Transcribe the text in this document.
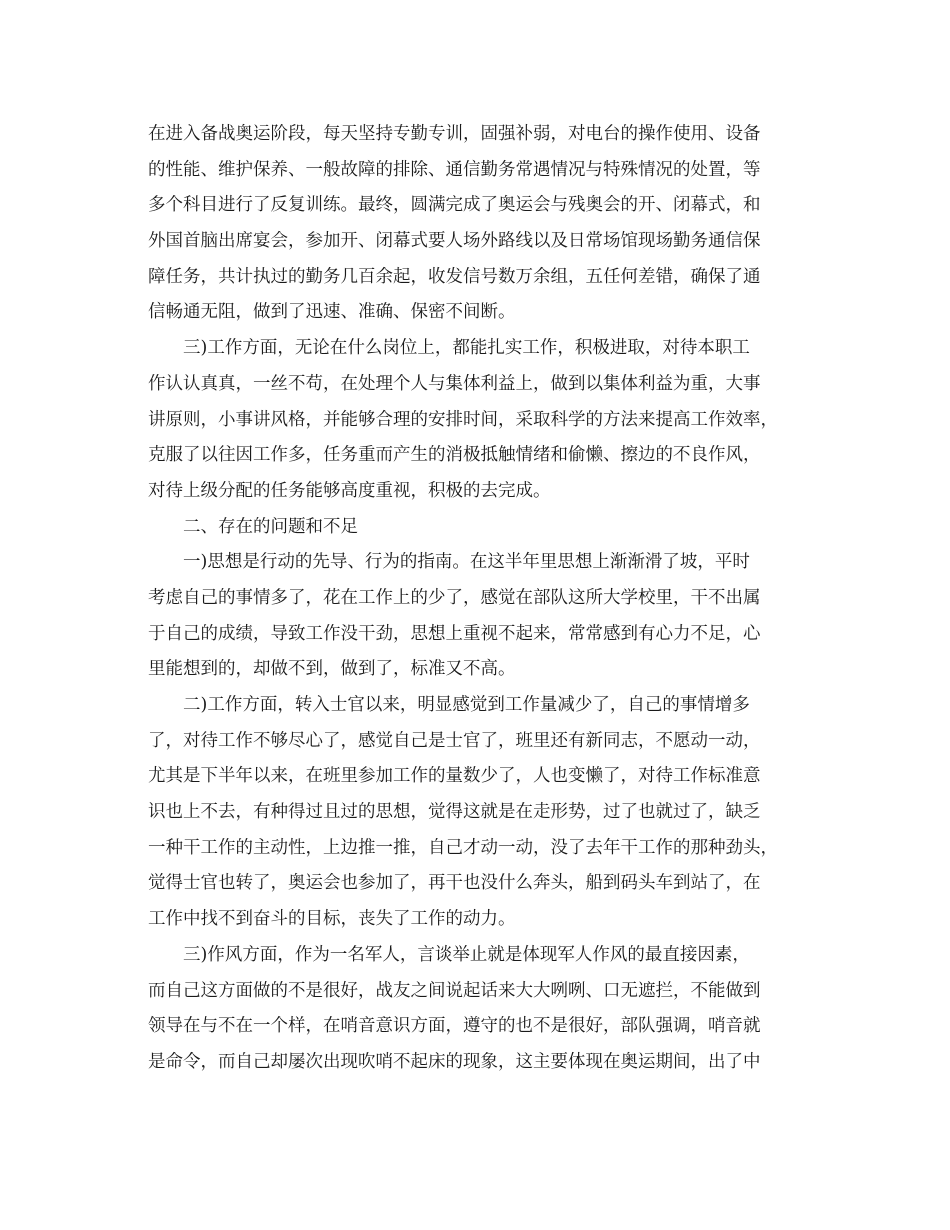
在进入备战奥运阶段，每天坚持专勤专训，固强补弱，对电台的操作使用、设备
的性能、维护保养、一般故障的排除、通信勤务常遇情况与特殊情况的处置，等
多个科目进行了反复训练。最终，圆满完成了奥运会与残奥会的开、闭幕式，和
外国首脑出席宴会，参加开、闭幕式要人场外路线以及日常场馆现场勤务通信保
障任务，共计执过的勤务几百余起，收发信号数万余组，五任何差错，确保了通
信畅通无阻，做到了迅速、准确、保密不间断。
三)工作方面，无论在什么岗位上，都能扎实工作，积极进取，对待本职工
作认认真真，一丝不苟，在处理个人与集体利益上，做到以集体利益为重，大事
讲原则，小事讲风格，并能够合理的安排时间，采取科学的方法来提高工作效率，
克服了以往因工作多，任务重而产生的消极抵触情绪和偷懒、擦边的不良作风，
对待上级分配的任务能够高度重视，积极的去完成。
二、存在的问题和不足
一)思想是行动的先导、行为的指南。在这半年里思想上渐渐滑了坡，平时
考虑自己的事情多了，花在工作上的少了，感觉在部队这所大学校里，干不出属
于自己的成绩，导致工作没干劲，思想上重视不起来，常常感到有心力不足，心
里能想到的，却做不到，做到了，标准又不高。
二)工作方面，转入士官以来，明显感觉到工作量减少了，自己的事情增多
了，对待工作不够尽心了，感觉自己是士官了，班里还有新同志，不愿动一动，
尤其是下半年以来，在班里参加工作的量数少了，人也变懒了，对待工作标准意
识也上不去，有种得过且过的思想，觉得这就是在走形势，过了也就过了，缺乏
一种干工作的主动性，上边推一推，自己才动一动，没了去年干工作的那种劲头，
觉得士官也转了，奥运会也参加了，再干也没什么奔头，船到码头车到站了，在
工作中找不到奋斗的目标，丧失了工作的动力。
三)作风方面，作为一名军人，言谈举止就是体现军人作风的最直接因素，
而自己这方面做的不是很好，战友之间说起话来大大咧咧、口无遮拦，不能做到
领导在与不在一个样，在哨音意识方面，遵守的也不是很好，部队强调，哨音就
是命令，而自己却屡次出现吹哨不起床的现象，这主要体现在奥运期间，出了中
